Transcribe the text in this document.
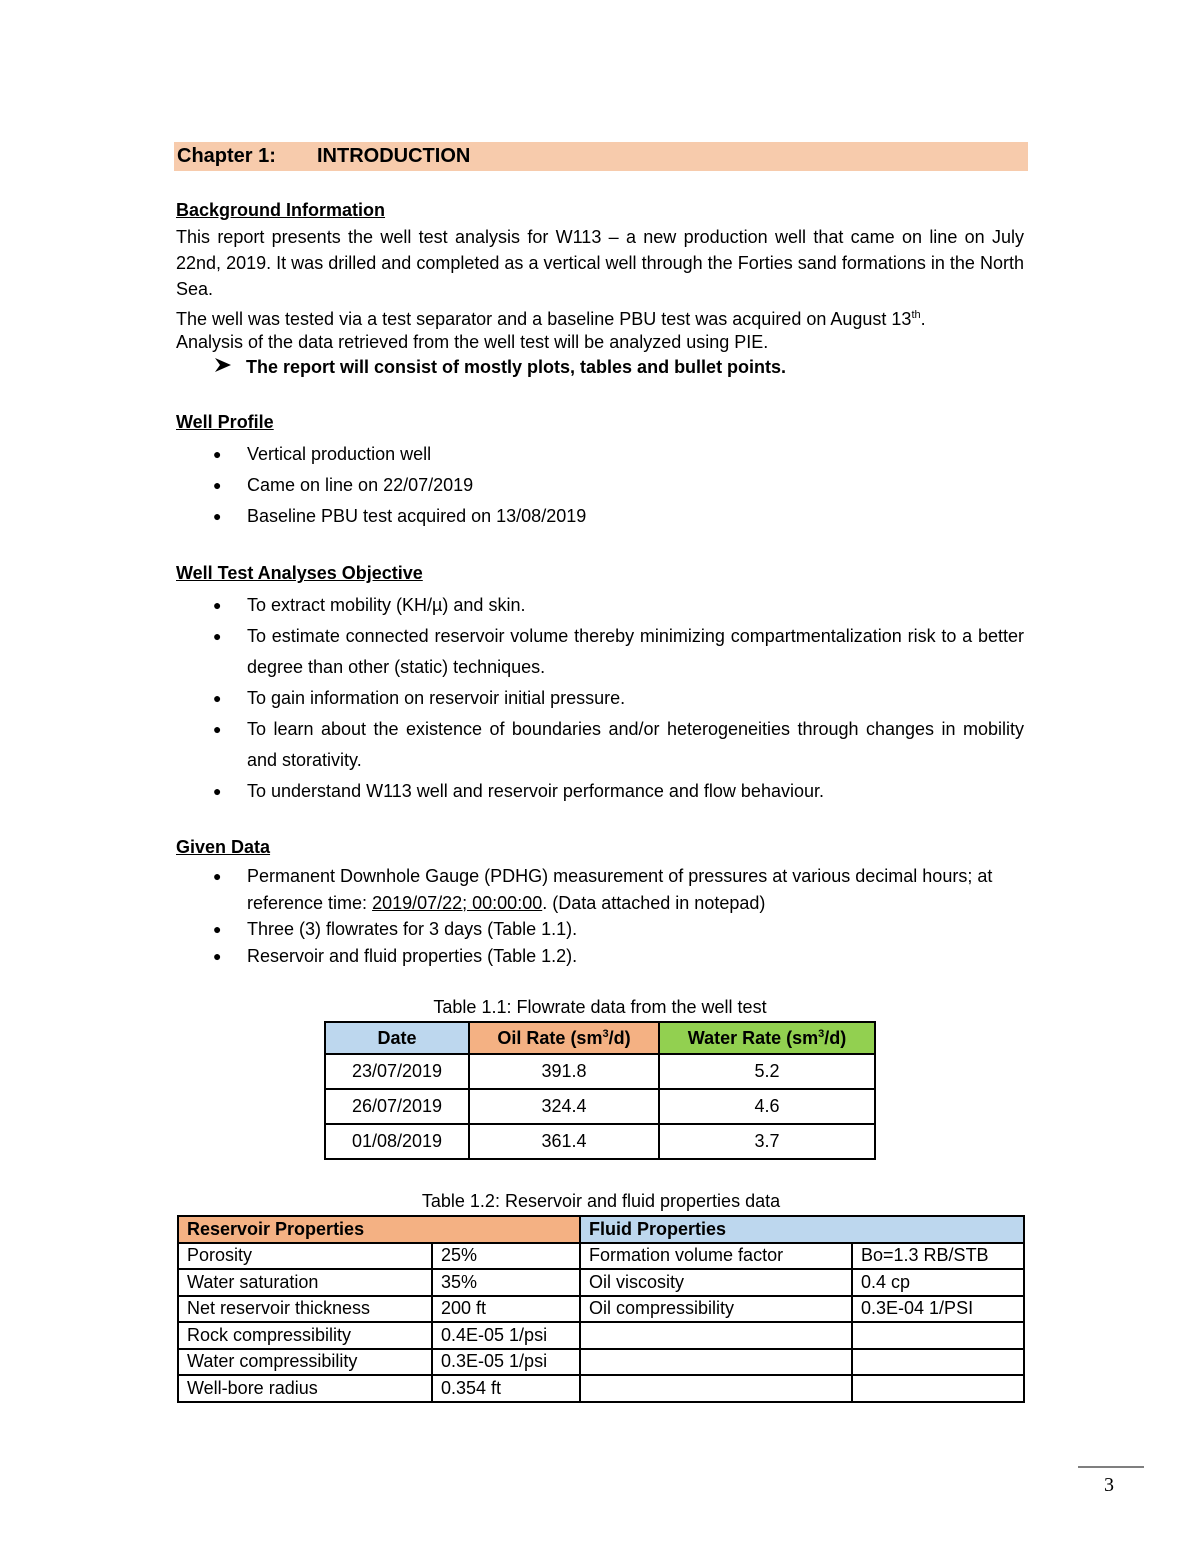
Chapter 1:	INTRODUCTION
Background Information
This report presents the well test analysis for W113 – a new production well that came on line on July 22nd, 2019. It was drilled and completed as a vertical well through the Forties sand formations in the North Sea.
The well was tested via a test separator and a baseline PBU test was acquired on August 13th.
Analysis of the data retrieved from the well test will be analyzed using PIE.
The report will consist of mostly plots, tables and bullet points.
Well Profile
● Vertical production well
● Came on line on 22/07/2019
● Baseline PBU test acquired on 13/08/2019
Well Test Analyses Objective
● To extract mobility (KH/µ) and skin.
● To estimate connected reservoir volume thereby minimizing compartmentalization risk to a better degree than other (static) techniques.
● To gain information on reservoir initial pressure.
● To learn about the existence of boundaries and/or heterogeneities through changes in mobility and storativity.
● To understand W113 well and reservoir performance and flow behaviour.
Given Data
● Permanent Downhole Gauge (PDHG) measurement of pressures at various decimal hours; at reference time: 2019/07/22; 00:00:00. (Data attached in notepad)
● Three (3) flowrates for 3 days (Table 1.1).
● Reservoir and fluid properties (Table 1.2).
Table 1.1: Flowrate data from the well test
Date	Oil Rate $(sm^3/d)$	Water Rate $(sm^3/d)$
23/07/2019	391.8	5.2
26/07/2019	324.4	4.6
01/08/2019	361.4	3.7
Table 1.2: Reservoir and fluid properties data
Reservoir Properties		Fluid Properties	
Porosity	25%	Formation volume factor	Bo=1.3 RB/STB
Water saturation	35%	Oil viscosity	0.4 cp
Net reservoir thickness	200 ft	Oil compressibility	0.3E-04 1/PSI
Rock compressibility	0.4E-05 1/psi		
Water compressibility	0.3E-05 1/psi		
Well-bore radius	0.354 ft		
3
